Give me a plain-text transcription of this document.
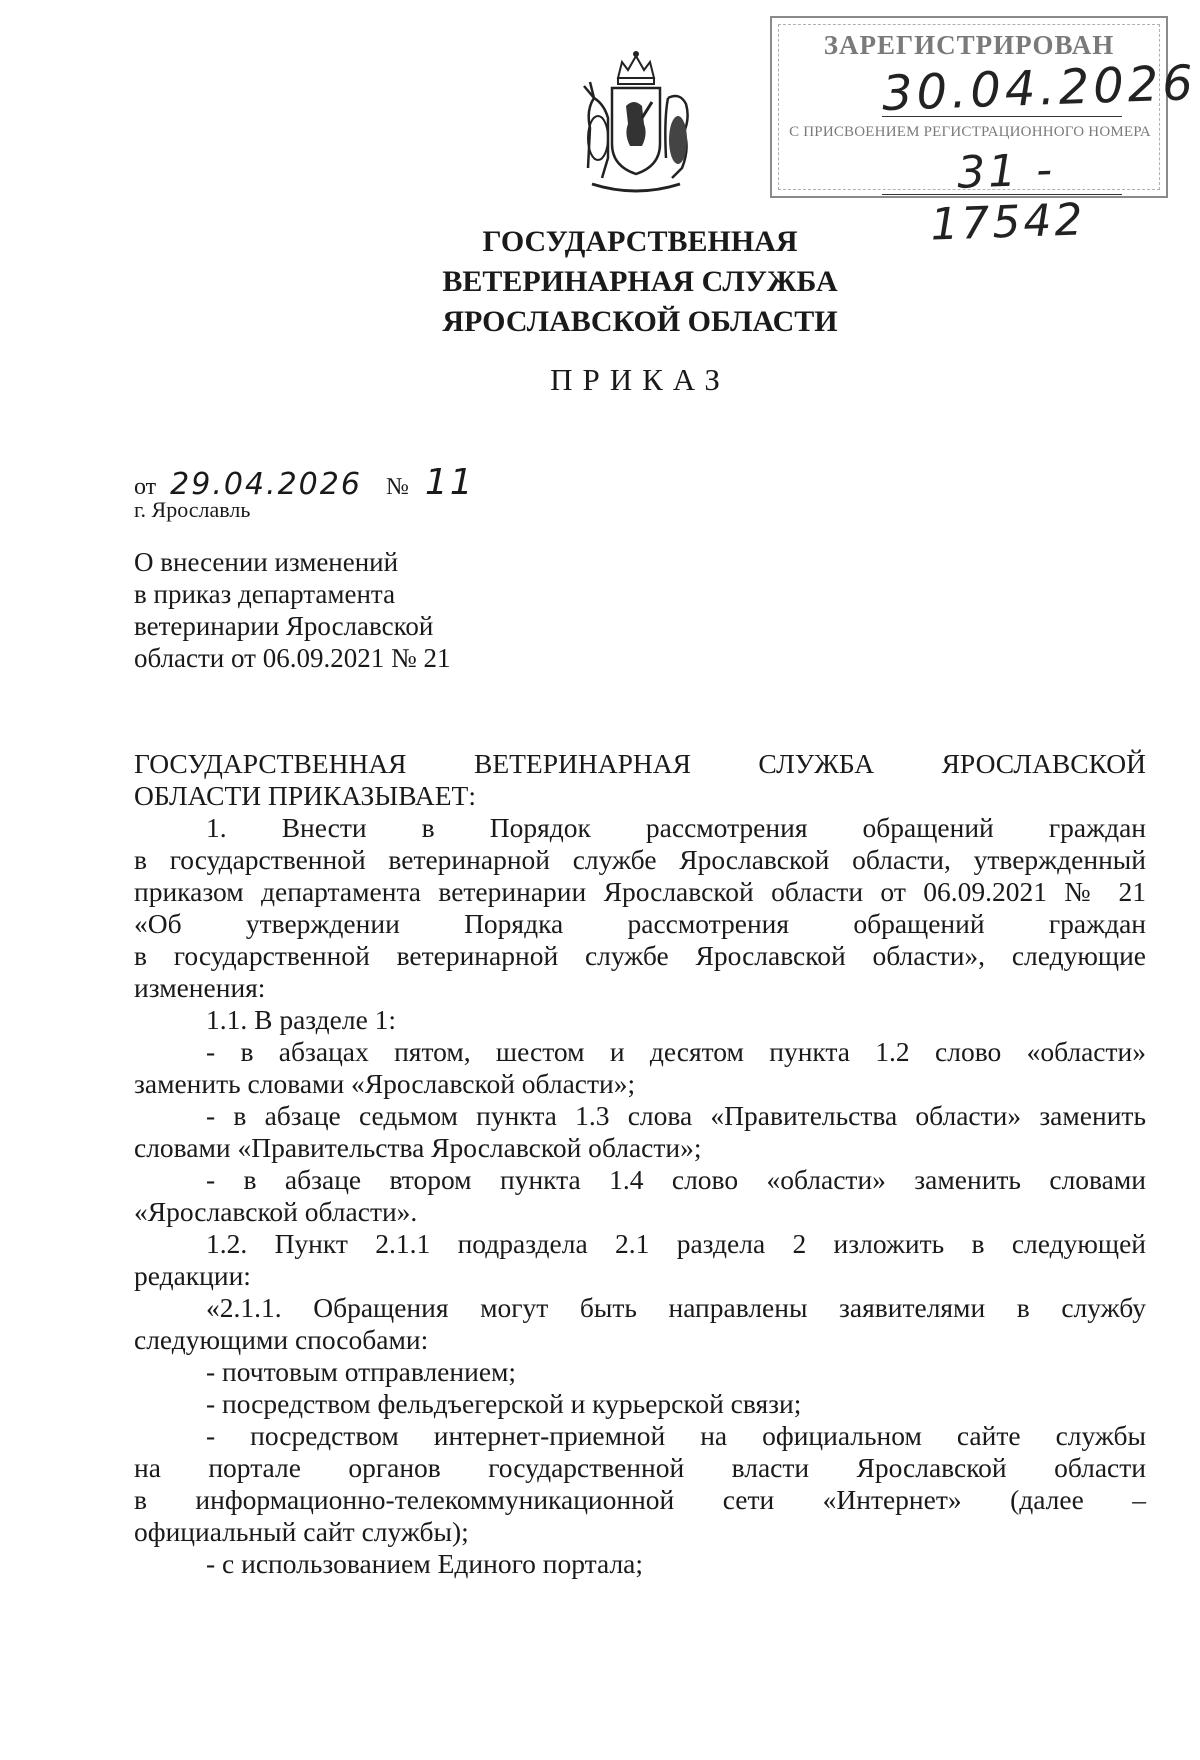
ЗАРЕГИСТРИРОВАН
30.04.2026
С ПРИСВОЕНИЕМ РЕГИСТРАЦИОННОГО НОМЕРА
31 - 17542
ГОСУДАРСТВЕННАЯ
ВЕТЕРИНАРНАЯ СЛУЖБА
ЯРОСЛАВСКОЙ ОБЛАСТИ
ПРИКАЗ
от 29.04.2026 № 11
г. Ярославль
О внесении изменений
в приказ департамента
ветеринарии Ярославской
области от 06.09.2021 № 21
ГОСУДАРСТВЕННАЯ ВЕТЕРИНАРНАЯ СЛУЖБА ЯРОСЛАВСКОЙ
ОБЛАСТИ ПРИКАЗЫВАЕТ:
1. Внести в Порядок рассмотрения обращений граждан
в государственной ветеринарной службе Ярославской области, утвержденный
приказом департамента ветеринарии Ярославской области от 06.09.2021 № 21
«Об утверждении Порядка рассмотрения обращений граждан
в государственной ветеринарной службе Ярославской области», следующие
изменения:
1.1. В разделе 1:
- в абзацах пятом, шестом и десятом пункта 1.2 слово «области»
заменить словами «Ярославской области»;
- в абзаце седьмом пункта 1.3 слова «Правительства области» заменить
словами «Правительства Ярославской области»;
- в абзаце втором пункта 1.4 слово «области» заменить словами
«Ярославской области».
1.2. Пункт 2.1.1 подраздела 2.1 раздела 2 изложить в следующей
редакции:
«2.1.1. Обращения могут быть направлены заявителями в службу
следующими способами:
- почтовым отправлением;
- посредством фельдъегерской и курьерской связи;
- посредством интернет-приемной на официальном сайте службы
на портале органов государственной власти Ярославской области
в информационно-телекоммуникационной сети «Интернет» (далее –
официальный сайт службы);
- с использованием Единого портала;
